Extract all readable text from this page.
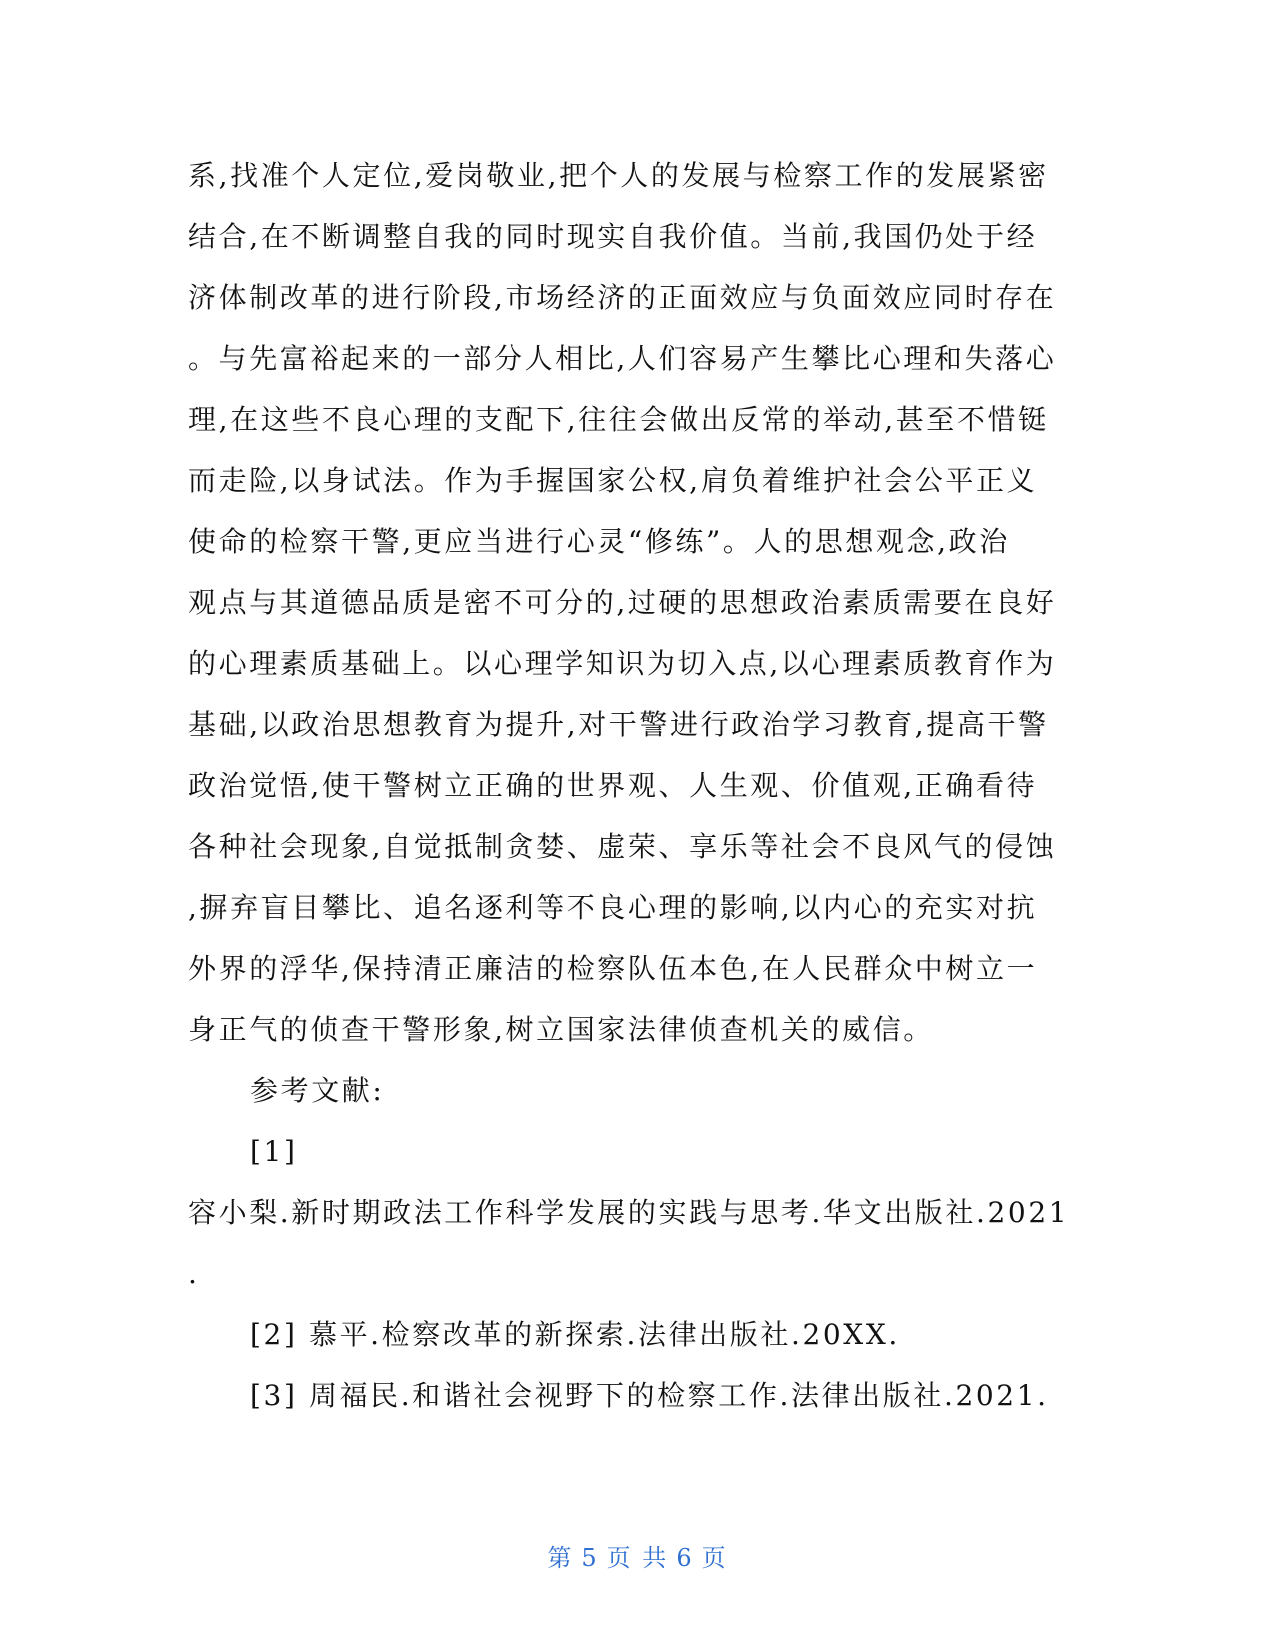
系,找准个人定位,爱岗敬业,把个人的发展与检察工作的发展紧密
结合,在不断调整自我的同时现实自我价值。当前,我国仍处于经
济体制改革的进行阶段,市场经济的正面效应与负面效应同时存在
。与先富裕起来的一部分人相比,人们容易产生攀比心理和失落心
理,在这些不良心理的支配下,往往会做出反常的举动,甚至不惜铤
而走险,以身试法。作为手握国家公权,肩负着维护社会公平正义
使命的检察干警,更应当进行心灵“修练”。人的思想观念,政治
观点与其道德品质是密不可分的,过硬的思想政治素质需要在良好
的心理素质基础上。以心理学知识为切入点,以心理素质教育作为
基础,以政治思想教育为提升,对干警进行政治学习教育,提高干警
政治觉悟,使干警树立正确的世界观、人生观、价值观,正确看待
各种社会现象,自觉抵制贪婪、虚荣、享乐等社会不良风气的侵蚀
,摒弃盲目攀比、追名逐利等不良心理的影响,以内心的充实对抗
外界的浮华,保持清正廉洁的检察队伍本色,在人民群众中树立一
身正气的侦查干警形象,树立国家法律侦查机关的威信。
参考文献:
[1]
容小梨.新时期政法工作科学发展的实践与思考.华文出版社.2021
.
[2] 慕平.检察改革的新探索.法律出版社.20XX.
[3] 周福民.和谐社会视野下的检察工作.法律出版社.2021.
第 5 页 共 6 页
